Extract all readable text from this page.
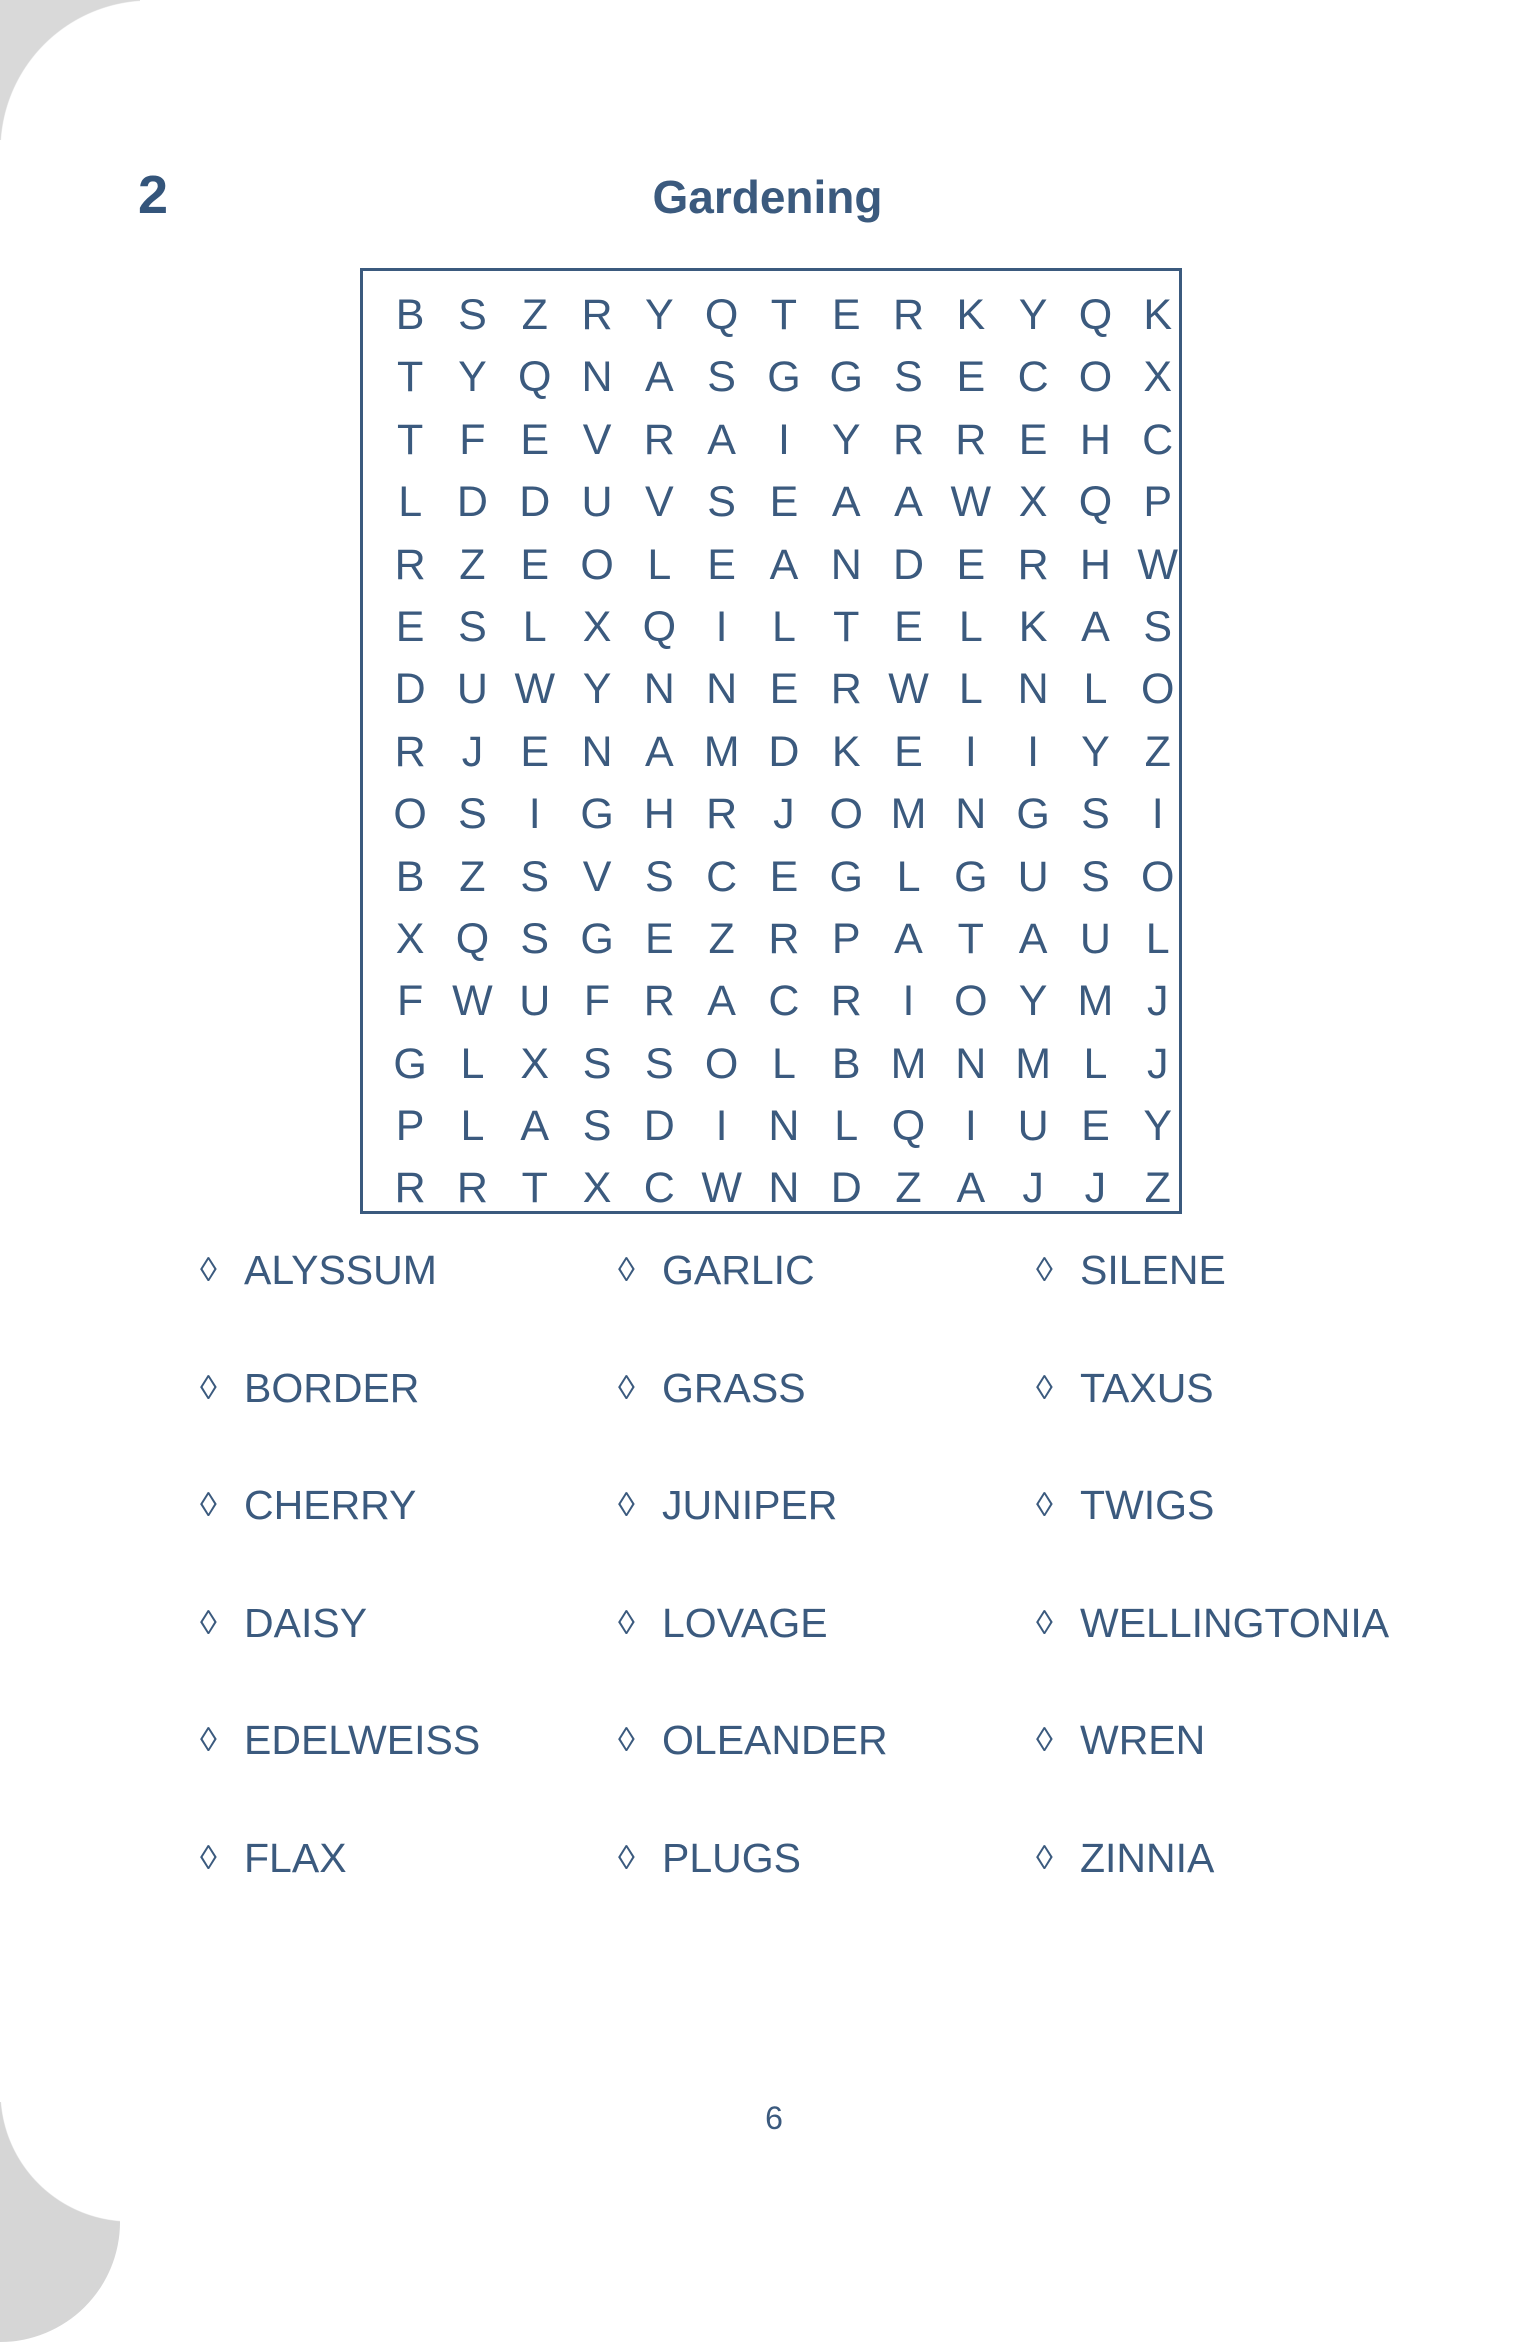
2	Gardening
B S Z R Y Q T E R K Y Q K
T Y Q N A S G G S E C O X
T F E V R A I Y R R E H C
L D D U V S E A A W X Q P
R Z E O L E A N D E R H W
E S L X Q I	L T E L K A S
D U W Y N N E R W L N L O
R J E N A M D K E I	I Y Z
O S I G H R J O M N G S I
B Z S V S C E G L G U S O
X Q S G E Z R P A T A U L
F W U F R A C R I O Y M J
G L X S S O L B M N M L J
P L A S D I N L Q I U E Y
R R T X C W N D Z A J J Z
◊ ALYSSUM	◊ GARLIC	◊ SILENE
◊ BORDER	◊ GRASS	◊ TAXUS
◊ CHERRY	◊ JUNIPER	◊ TWIGS
◊ DAISY	◊ LOVAGE	◊ WELLINGTONIA
◊ EDELWEISS	◊ OLEANDER	◊ WREN
◊ FLAX	◊ PLUGS	◊ ZINNIA
6
